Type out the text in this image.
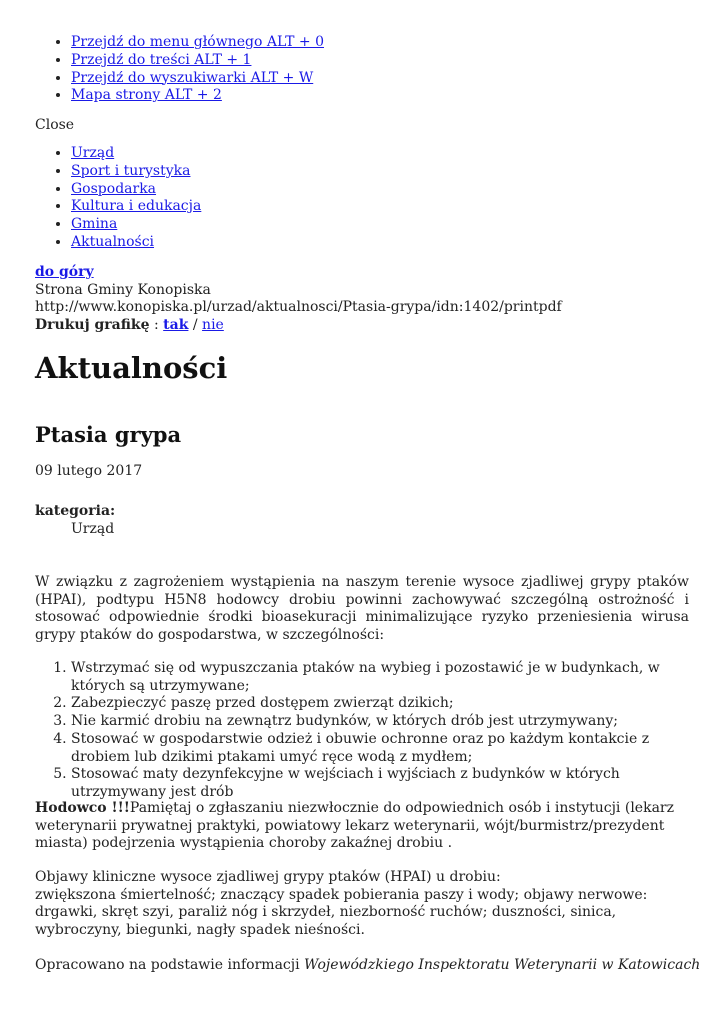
• Przejdź do menu głównego ALT + 0
• Przejdź do treści ALT + 1
• Przejdź do wyszukiwarki ALT + W
• Mapa strony ALT + 2
Close
• Urząd
• Sport i turystyka
• Gospodarka
• Kultura i edukacja
• Gmina
• Aktualności
do góry
Strona Gminy Konopiska
http://www.konopiska.pl/urzad/aktualnosci/Ptasia-grypa/idn:1402/printpdf
Drukuj grafikę : tak / nie
Aktualności
Ptasia grypa
09 lutego 2017
kategoria:
Urząd
W związku z zagrożeniem wystąpienia na naszym terenie wysoce zjadliwej grypy ptaków (HPAI), podtypu H5N8 hodowcy drobiu powinni zachowywać szczególną ostrożność i stosować odpowiednie środki bioasekuracji minimalizujące ryzyko przeniesienia wirusa grypy ptaków do gospodarstwa, w szczególności:
1. Wstrzymać się od wypuszczania ptaków na wybieg i pozostawić je w budynkach, w których są utrzymywane;
2. Zabezpieczyć paszę przed dostępem zwierząt dzikich;
3. Nie karmić drobiu na zewnątrz budynków, w których drób jest utrzymywany;
4. Stosować w gospodarstwie odzież i obuwie ochronne oraz po każdym kontakcie z drobiem lub dzikimi ptakami umyć ręce wodą z mydłem;
5. Stosować maty dezynfekcyjne w wejściach i wyjściach z budynków w których utrzymywany jest drób
Hodowco !!!Pamiętaj o zgłaszaniu niezwłocznie do odpowiednich osób i instytucji (lekarz weterynarii prywatnej praktyki, powiatowy lekarz weterynarii, wójt/burmistrz/prezydent miasta) podejrzenia wystąpienia choroby zakaźnej drobiu .
Objawy kliniczne wysoce zjadliwej grypy ptaków (HPAI) u drobiu:
zwiększona śmiertelność; znaczący spadek pobierania paszy i wody; objawy nerwowe: drgawki, skręt szyi, paraliż nóg i skrzydeł, niezborność ruchów; duszności, sinica, wybroczyny, biegunki, nagły spadek nieśności.
Opracowano na podstawie informacji Wojewódzkiego Inspektoratu Weterynarii w Katowicach
